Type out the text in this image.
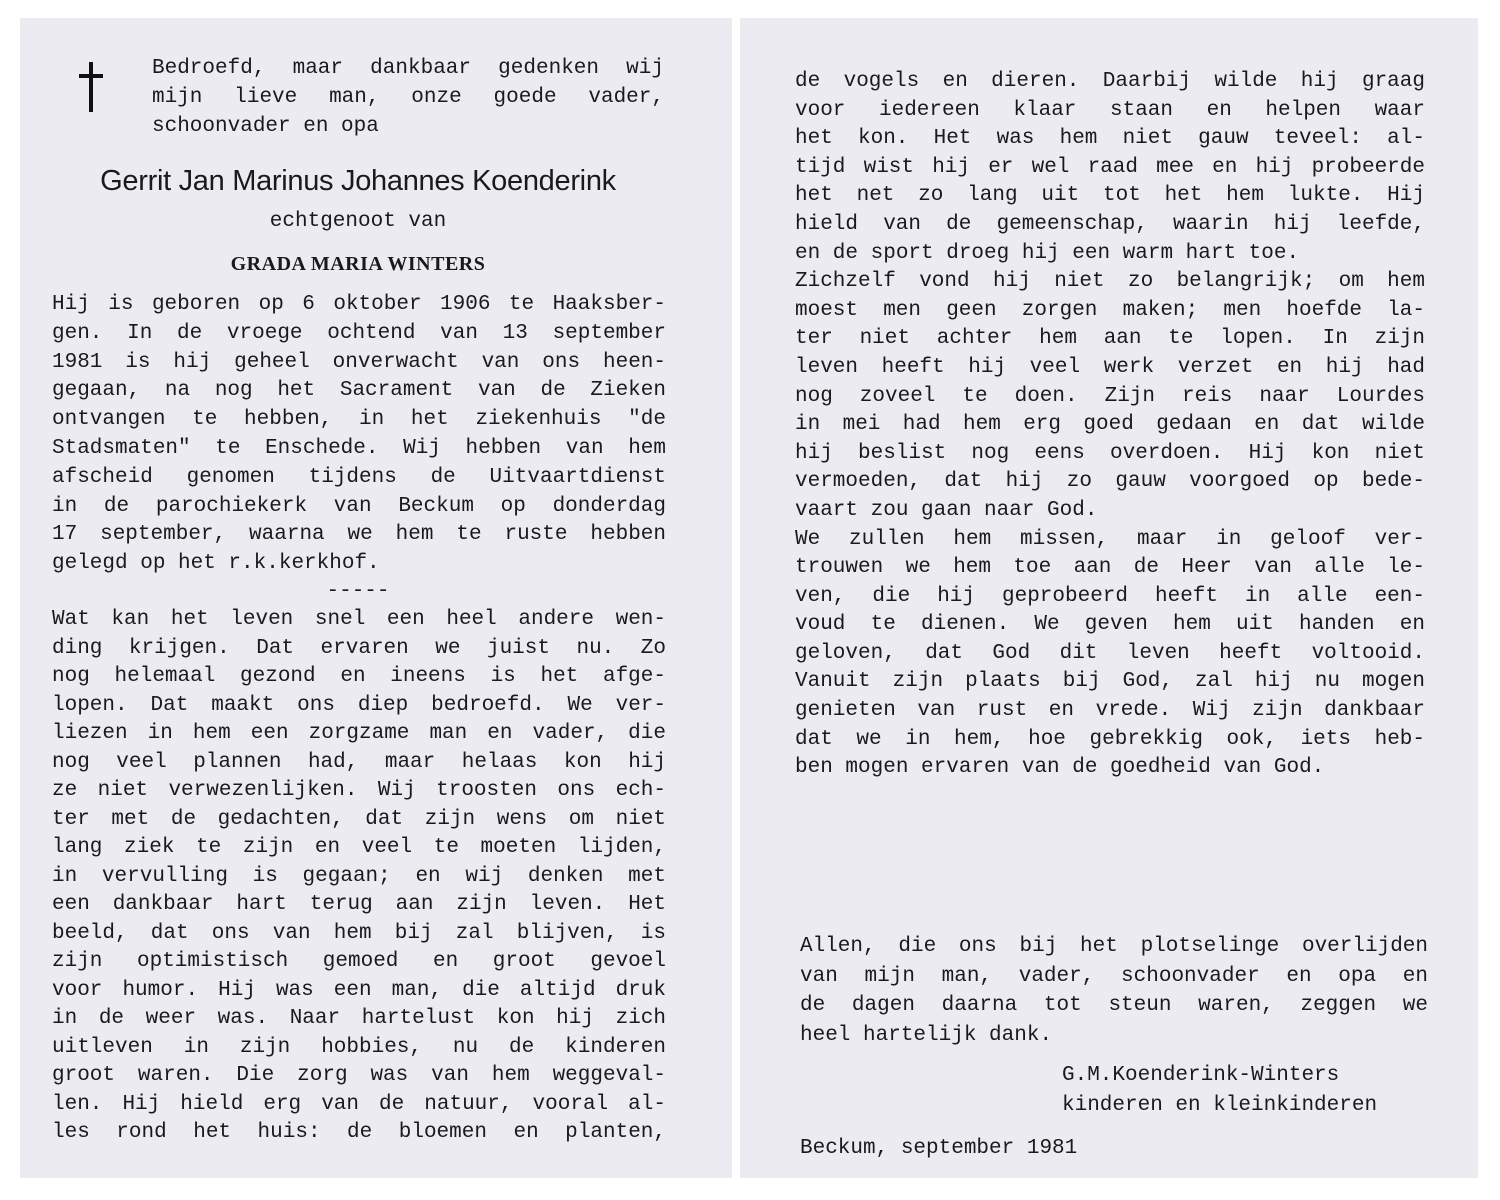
Bedroefd, maar dankbaar gedenken wij
mijn lieve man, onze goede vader,
schoonvader en opa
Gerrit Jan Marinus Johannes Koenderink
echtgenoot van
GRADA MARIA WINTERS
Hij is geboren op 6 oktober 1906 te Haaksber-
gen. In de vroege ochtend van 13 september
1981 is hij geheel onverwacht van ons heen-
gegaan, na nog het Sacrament van de Zieken
ontvangen te hebben, in het ziekenhuis "de
Stadsmaten" te Enschede. Wij hebben van hem
afscheid genomen tijdens de Uitvaartdienst
in de parochiekerk van Beckum op donderdag
17 september, waarna we hem te ruste hebben
gelegd op het r.k.kerkhof.
-----
Wat kan het leven snel een heel andere wen-
ding krijgen. Dat ervaren we juist nu. Zo
nog helemaal gezond en ineens is het afge-
lopen. Dat maakt ons diep bedroefd. We ver-
liezen in hem een zorgzame man en vader, die
nog veel plannen had, maar helaas kon hij
ze niet verwezenlijken. Wij troosten ons ech-
ter met de gedachten, dat zijn wens om niet
lang ziek te zijn en veel te moeten lijden,
in vervulling is gegaan; en wij denken met
een dankbaar hart terug aan zijn leven. Het
beeld, dat ons van hem bij zal blijven, is
zijn optimistisch gemoed en groot gevoel
voor humor. Hij was een man, die altijd druk
in de weer was. Naar hartelust kon hij zich
uitleven in zijn hobbies, nu de kinderen
groot waren. Die zorg was van hem weggeval-
len. Hij hield erg van de natuur, vooral al-
les rond het huis: de bloemen en planten,
de vogels en dieren. Daarbij wilde hij graag
voor iedereen klaar staan en helpen waar
het kon. Het was hem niet gauw teveel: al-
tijd wist hij er wel raad mee en hij probeerde
het net zo lang uit tot het hem lukte. Hij
hield van de gemeenschap, waarin hij leefde,
en de sport droeg hij een warm hart toe.
Zichzelf vond hij niet zo belangrijk; om hem
moest men geen zorgen maken; men hoefde la-
ter niet achter hem aan te lopen. In zijn
leven heeft hij veel werk verzet en hij had
nog zoveel te doen. Zijn reis naar Lourdes
in mei had hem erg goed gedaan en dat wilde
hij beslist nog eens overdoen. Hij kon niet
vermoeden, dat hij zo gauw voorgoed op bede-
vaart zou gaan naar God.
We zullen hem missen, maar in geloof ver-
trouwen we hem toe aan de Heer van alle le-
ven, die hij geprobeerd heeft in alle een-
voud te dienen. We geven hem uit handen en
geloven, dat God dit leven heeft voltooid.
Vanuit zijn plaats bij God, zal hij nu mogen
genieten van rust en vrede. Wij zijn dankbaar
dat we in hem, hoe gebrekkig ook, iets heb-
ben mogen ervaren van de goedheid van God.
Allen, die ons bij het plotselinge overlijden
van mijn man, vader, schoonvader en opa en
de dagen daarna tot steun waren, zeggen we
heel hartelijk dank.
G.M.Koenderink-Winters
kinderen en kleinkinderen
Beckum, september 1981
